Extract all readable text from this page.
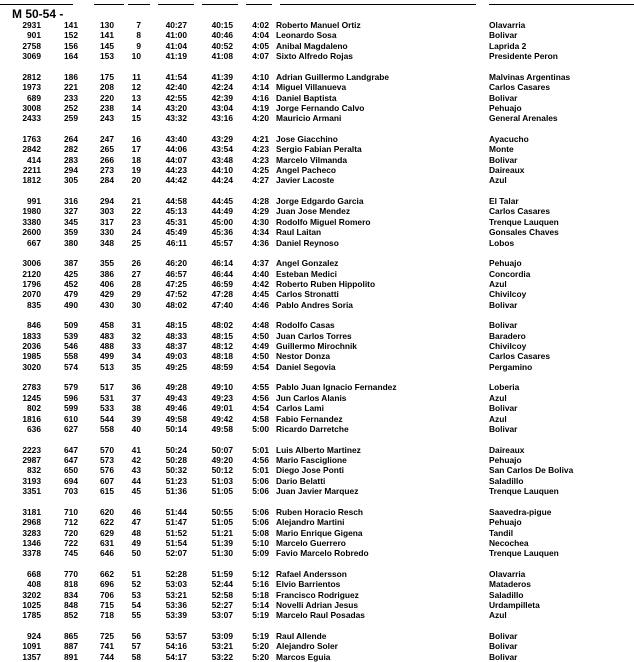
M 50-54 -
2931	141	130	7	40:27	40:15 4:02 Roberto Manuel Ortiz	Olavarria
901	152	141	8	41:00	40:46 4:04 Leonardo Sosa	Bolivar
2758	156	145	9	41:04	40:52 4:05 Anibal Magdaleno	Laprida 2
3069	164	153	10	41:19	41:08 4:07 Sixto Alfredo Rojas	Presidente Peron
2812	186	175	11	41:54	41:39 4:10 Adrian Guillermo Landgrabe	Malvinas Argentinas
1973	221	208	12	42:40	42:24 4:14 Miguel Villanueva	Carlos Casares
689	233	220	13	42:55	42:39 4:16 Daniel Baptista	Bolivar
3008	252	238	14	43:20	43:04 4:19 Jorge Fernando Calvo	Pehuajo
2433	259	243	15	43:32	43:16 4:20 Mauricio Armani	General Arenales
1763	264	247	16	43:40	43:29 4:21 Jose Giacchino	Ayacucho
2842	282	265	17	44:06	43:54 4:23 Sergio Fabian Peralta	Monte
414	283	266	18	44:07	43:48 4:23 Marcelo Vilmanda	Bolivar
2211	294	273	19	44:23	44:10 4:25 Angel Pacheco	Daireaux
1812	305	284	20	44:42	44:24 4:27 Javier Lacoste	Azul
991	316	294	21	44:58	44:45 4:28 Jorge Edgardo Garcia	El Talar
1980	327	303	22	45:13	44:49 4:29 Juan Jose Mendez	Carlos Casares
3380	345	317	23	45:31	45:00 4:30 Rodolfo Miguel Romero	Trenque Lauquen
2600	359	330	24	45:49	45:36 4:34 Raul Laitan	Gonsales Chaves
667	380	348	25	46:11	45:57 4:36 Daniel Reynoso	Lobos
3006	387	355	26	46:20	46:14 4:37 Angel Gonzalez	Pehuajo
2120	425	386	27	46:57	46:44 4:40 Esteban Medici	Concordia
1796	452	406	28	47:25	46:59 4:42 Roberto Ruben Hippolito	Azul
2070	479	429	29	47:52	47:28 4:45 Carlos Stronatti	Chivilcoy
835	490	430	30	48:02	47:40 4:46 Pablo Andres Soria	Bolivar
846	509	458	31	48:15	48:02 4:48 Rodolfo Casas	Bolivar
1833	539	483	32	48:33	48:15 4:50 Juan Carlos Torres	Baradero
2036	546	488	33	48:37	48:12 4:49 Guillermo Mirochnik	Chivilcoy
1985	558	499	34	49:03	48:18 4:50 Nestor Donza	Carlos Casares
3020	574	513	35	49:25	48:59 4:54 Daniel Segovia	Pergamino
2783	579	517	36	49:28	49:10 4:55 Pablo Juan Ignacio Fernandez	Loberia
1245	596	531	37	49:43	49:23 4:56 Jun Carlos Alanis	Azul
802	599	533	38	49:46	49:01 4:54 Carlos Lami	Bolivar
1816	610	544	39	49:58	49:42 4:58 Fabio Fernandez	Azul
636	627	558	40	50:14	49:58 5:00 Ricardo Darretche	Bolivar
2223	647	570	41	50:24	50:07 5:01 Luis Alberto Martinez	Daireaux
2987	647	573	42	50:28	49:20 4:56 Mario Fasciglione	Pehuajo
832	650	576	43	50:32	50:12 5:01 Diego Jose Ponti	San Carlos De Boliva
3193	694	607	44	51:23	51:03 5:06 Dario Belatti	Saladillo
3351	703	615	45	51:36	51:05 5:06 Juan Javier Marquez	Trenque Lauquen
3181	710	620	46	51:44	50:55 5:06 Ruben Horacio Resch	Saavedra-pigue
2968	712	622	47	51:47	51:05 5:06 Alejandro Martini	Pehuajo
3283	720	629	48	51:52	51:21 5:08 Mario Enrique Gigena	Tandil
1346	722	631	49	51:54	51:39 5:10 Marcelo Guerrero	Necochea
3378	745	646	50	52:07	51:30 5:09 Favio Marcelo Robredo	Trenque Lauquen
668	770	662	51	52:28	51:59 5:12 Rafael Andersson	Olavarria
408	818	696	52	53:03	52:44 5:16 Elvio Barrientos	Mataderos
3202	834	706	53	53:21	52:58 5:18 Francisco Rodriguez	Saladillo
1025	848	715	54	53:36	52:27 5:14 Novelli Adrian Jesus	Urdampilleta
1785	852	718	55	53:39	53:07 5:19 Marcelo Raul Posadas	Azul
924	865	725	56	53:57	53:09 5:19 Raul Allende	Bolivar
1091	887	741	57	54:16	53:21 5:20 Alejandro Soler	Bolivar
1357	891	744	58	54:17	53:22 5:20 Marcos Eguia	Bolivar
